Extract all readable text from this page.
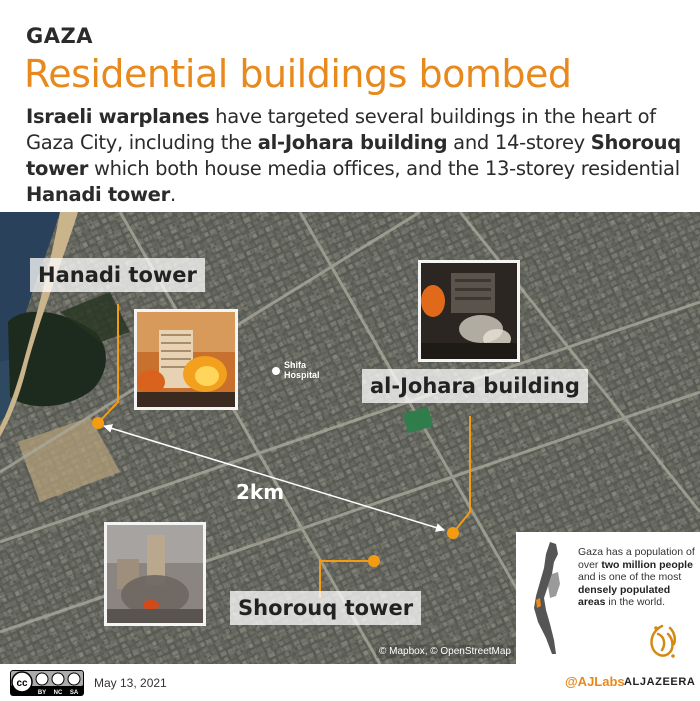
GAZA
Residential buildings bombed
Israeli warplanes have targeted several buildings in the heart of Gaza City, including the al-Johara building and 14-storey Shorouq tower which both house media offices, and the 13-storey residential Hanadi tower.
Hanadi tower
al-Johara building
Shorouq tower
Shifa
Hospital
2km
© Mapbox, © OpenStreetMap
Gaza has a population of over two million people and is one of the most densely populated areas in the world.
cc
BY NC SA
May 13, 2021	@AJLabs ALJAZEERA
